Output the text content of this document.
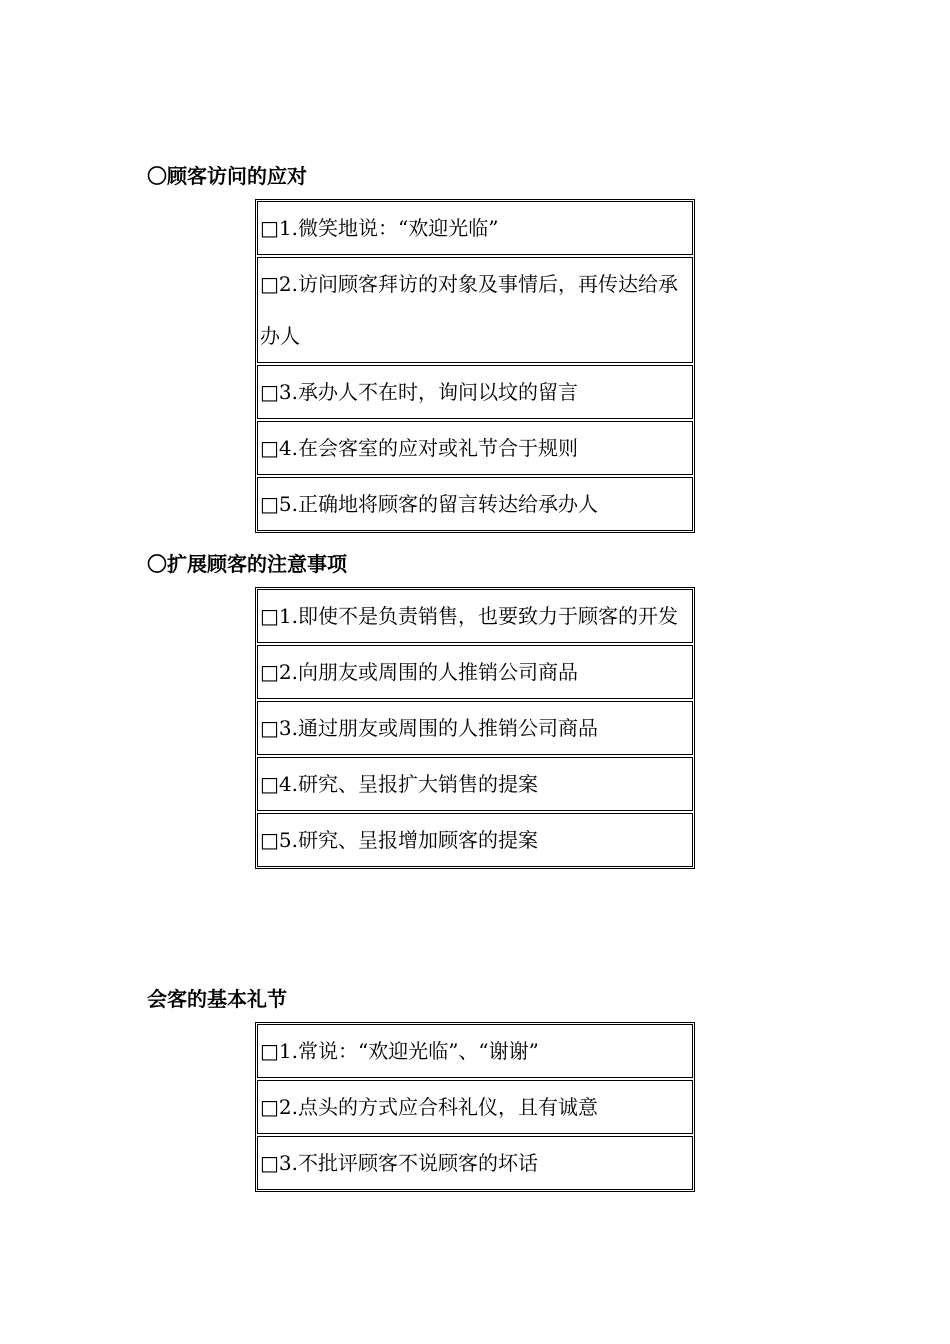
〇顾客访问的应对
□1.微笑地说：“欢迎光临”
□2.访问顾客拜访的对象及事情后，再传达给承办人
□3.承办人不在时，询问以坟的留言
□4.在会客室的应对或礼节合于规则
□5.正确地将顾客的留言转达给承办人
〇扩展顾客的注意事项
□1.即使不是负责销售，也要致力于顾客的开发
□2.向朋友或周围的人推销公司商品
□3.通过朋友或周围的人推销公司商品
□4.研究、呈报扩大销售的提案
□5.研究、呈报增加顾客的提案
会客的基本礼节
□1.常说：“欢迎光临”、“谢谢”
□2.点头的方式应合科礼仪，且有诚意
□3.不批评顾客不说顾客的坏话
